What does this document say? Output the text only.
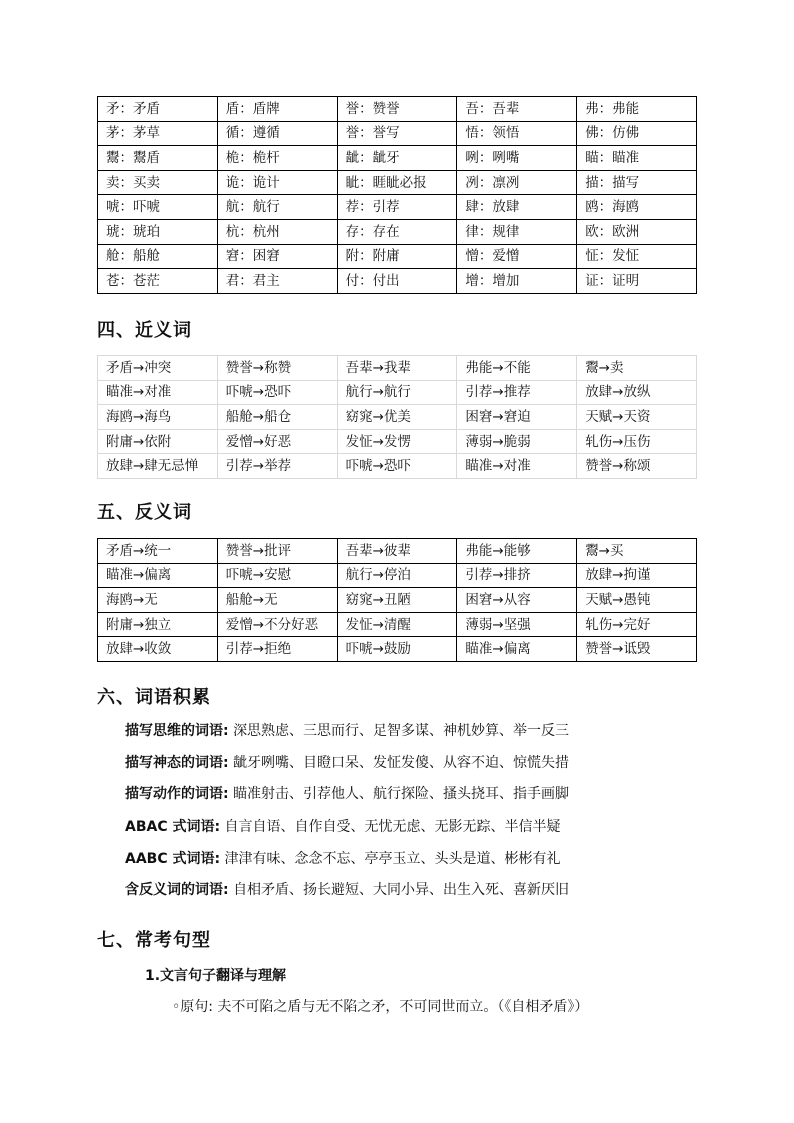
矛：矛盾	盾：盾牌	誉：赞誉	吾：吾辈	弗：弗能
茅：茅草	循：遵循	誉：誉写	悟：领悟	佛：仿佛
鬻：鬻盾	桅：桅杆	龇：龇牙	咧：咧嘴	瞄：瞄准
卖：买卖	诡：诡计	眦：睚眦必报	冽：凛冽	描：描写
唬：吓唬	航：航行	荐：引荐	肆：放肆	鸥：海鸥
琥：琥珀	杭：杭州	存：存在	律：规律	欧：欧洲
舱：船舱	窘：困窘	附：附庸	憎：爱憎	怔：发怔
苍：苍茫	君：君主	付：付出	增：增加	证：证明
四、近义词
矛盾→冲突	赞誉→称赞	吾辈→我辈	弗能→不能	鬻→卖
瞄准→对准	吓唬→恐吓	航行→航行	引荐→推荐	放肆→放纵
海鸥→海鸟	船舱→船仓	窈窕→优美	困窘→窘迫	天赋→天资
附庸→依附	爱憎→好恶	发怔→发愣	薄弱→脆弱	轧伤→压伤
放肆→肆无忌惮	引荐→举荐	吓唬→恐吓	瞄准→对准	赞誉→称颂
五、反义词
矛盾→统一	赞誉→批评	吾辈→彼辈	弗能→能够	鬻→买
瞄准→偏离	吓唬→安慰	航行→停泊	引荐→排挤	放肆→拘谨
海鸥→无	船舱→无	窈窕→丑陋	困窘→从容	天赋→愚钝
附庸→独立	爱憎→不分好恶	发怔→清醒	薄弱→坚强	轧伤→完好
放肆→收敛	引荐→拒绝	吓唬→鼓励	瞄准→偏离	赞誉→诋毁
六、词语积累
描写思维的词语: 深思熟虑、三思而行、足智多谋、神机妙算、举一反三
描写神态的词语: 龇牙咧嘴、目瞪口呆、发怔发傻、从容不迫、惊慌失措
描写动作的词语: 瞄准射击、引荐他人、航行探险、搔头挠耳、指手画脚
ABAC 式词语: 自言自语、自作自受、无忧无虑、无影无踪、半信半疑
AABC 式词语: 津津有味、念念不忘、亭亭玉立、头头是道、彬彬有礼
含反义词的词语: 自相矛盾、扬长避短、大同小异、出生入死、喜新厌旧
七、常考句型
1.文言句子翻译与理解
◦原句: 夫不可陷之盾与无不陷之矛，不可同世而立。（《自相矛盾》）
